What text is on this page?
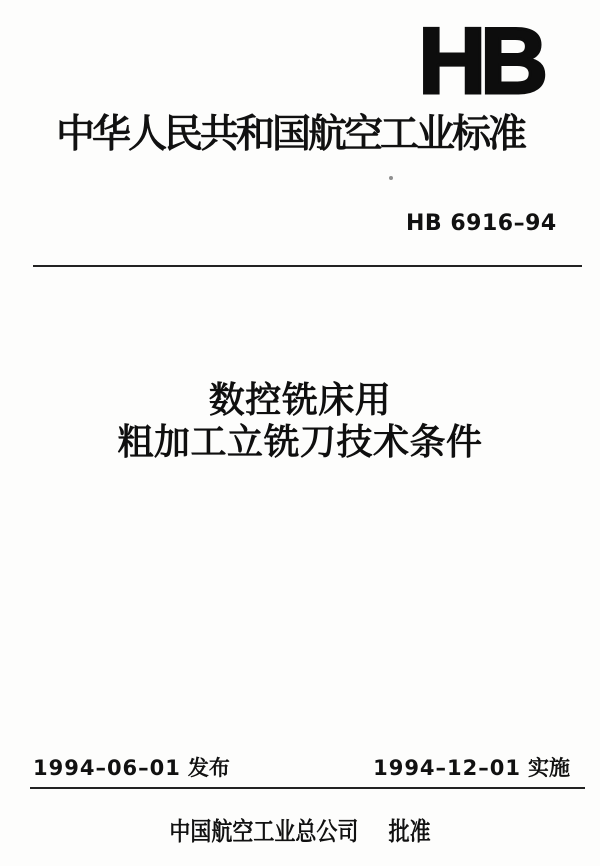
HB
中华人民共和国航空工业标准
HB 6916–94
数控铣床用
粗加工立铣刀技术条件
1994–06–01 发布	1994–12–01 实施
中国航空工业总公司 批准
